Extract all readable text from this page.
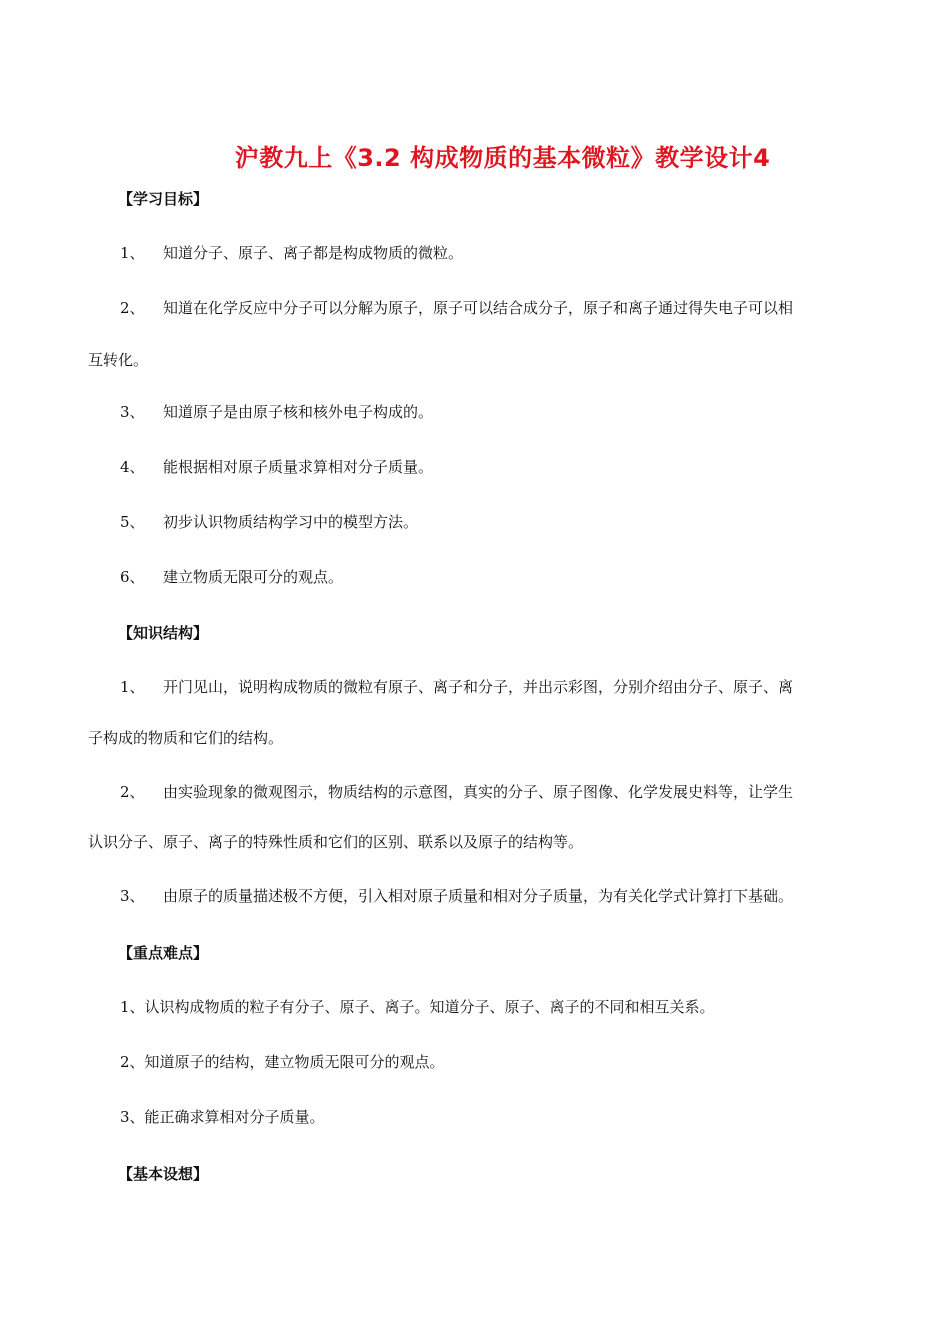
沪教九上《3.2 构成物质的基本微粒》教学设计4
【学习目标】
1、 知道分子、原子、离子都是构成物质的微粒。
2、 知道在化学反应中分子可以分解为原子，原子可以结合成分子，原子和离子通过得失电子可以相
互转化。
3、 知道原子是由原子核和核外电子构成的。
4、 能根据相对原子质量求算相对分子质量。
5、 初步认识物质结构学习中的模型方法。
6、 建立物质无限可分的观点。
【知识结构】
1、 开门见山，说明构成物质的微粒有原子、离子和分子，并出示彩图，分别介绍由分子、原子、离
子构成的物质和它们的结构。
2、 由实验现象的微观图示，物质结构的示意图，真实的分子、原子图像、化学发展史料等，让学生
认识分子、原子、离子的特殊性质和它们的区别、联系以及原子的结构等。
3、 由原子的质量描述极不方便，引入相对原子质量和相对分子质量，为有关化学式计算打下基础。
【重点难点】
1、认识构成物质的粒子有分子、原子、离子。知道分子、原子、离子的不同和相互关系。
2、知道原子的结构，建立物质无限可分的观点。
3、能正确求算相对分子质量。
【基本设想】
